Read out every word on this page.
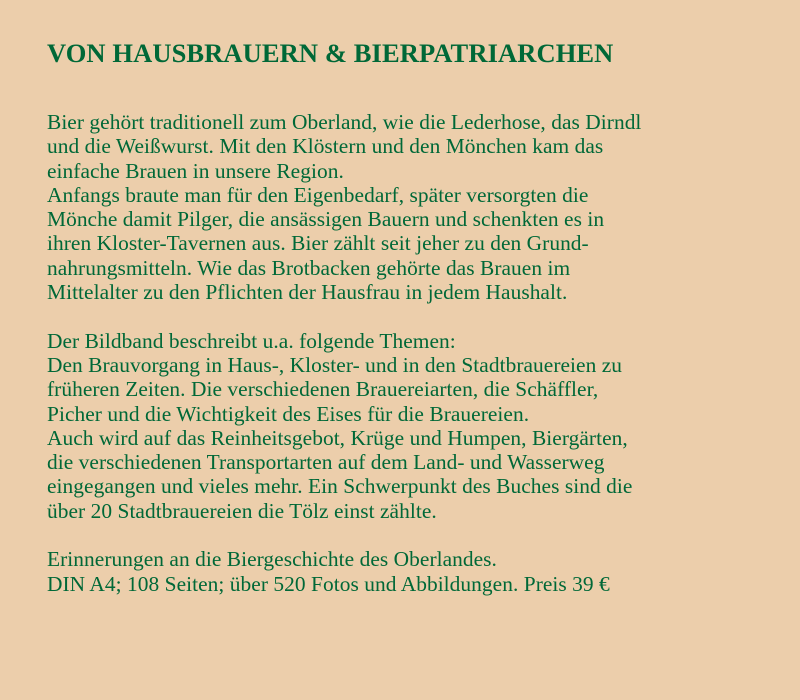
VON HAUSBRAUERN & BIERPATRIARCHEN
Bier gehört traditionell zum Oberland, wie die Lederhose, das Dirndl
und die Weißwurst. Mit den Klöstern und den Mönchen kam das
einfache Brauen in unsere Region.
Anfangs braute man für den Eigenbedarf, später versorgten die
Mönche damit Pilger, die ansässigen Bauern und schenkten es in
ihren Kloster-Tavernen aus. Bier zählt seit jeher zu den Grund-
nahrungsmitteln. Wie das Brotbacken gehörte das Brauen im
Mittelalter zu den Pflichten der Hausfrau in jedem Haushalt.
Der Bildband beschreibt u.a. folgende Themen:
Den Brauvorgang in Haus-, Kloster- und in den Stadtbrauereien zu
früheren Zeiten. Die verschiedenen Brauereiarten, die Schäffler,
Picher und die Wichtigkeit des Eises für die Brauereien.
Auch wird auf das Reinheitsgebot, Krüge und Humpen, Biergärten,
die verschiedenen Transportarten auf dem Land- und Wasserweg
eingegangen und vieles mehr. Ein Schwerpunkt des Buches sind die
über 20 Stadtbrauereien die Tölz einst zählte.
Erinnerungen an die Biergeschichte des Oberlandes.
DIN A4; 108 Seiten; über 520 Fotos und Abbildungen. Preis 39 €
